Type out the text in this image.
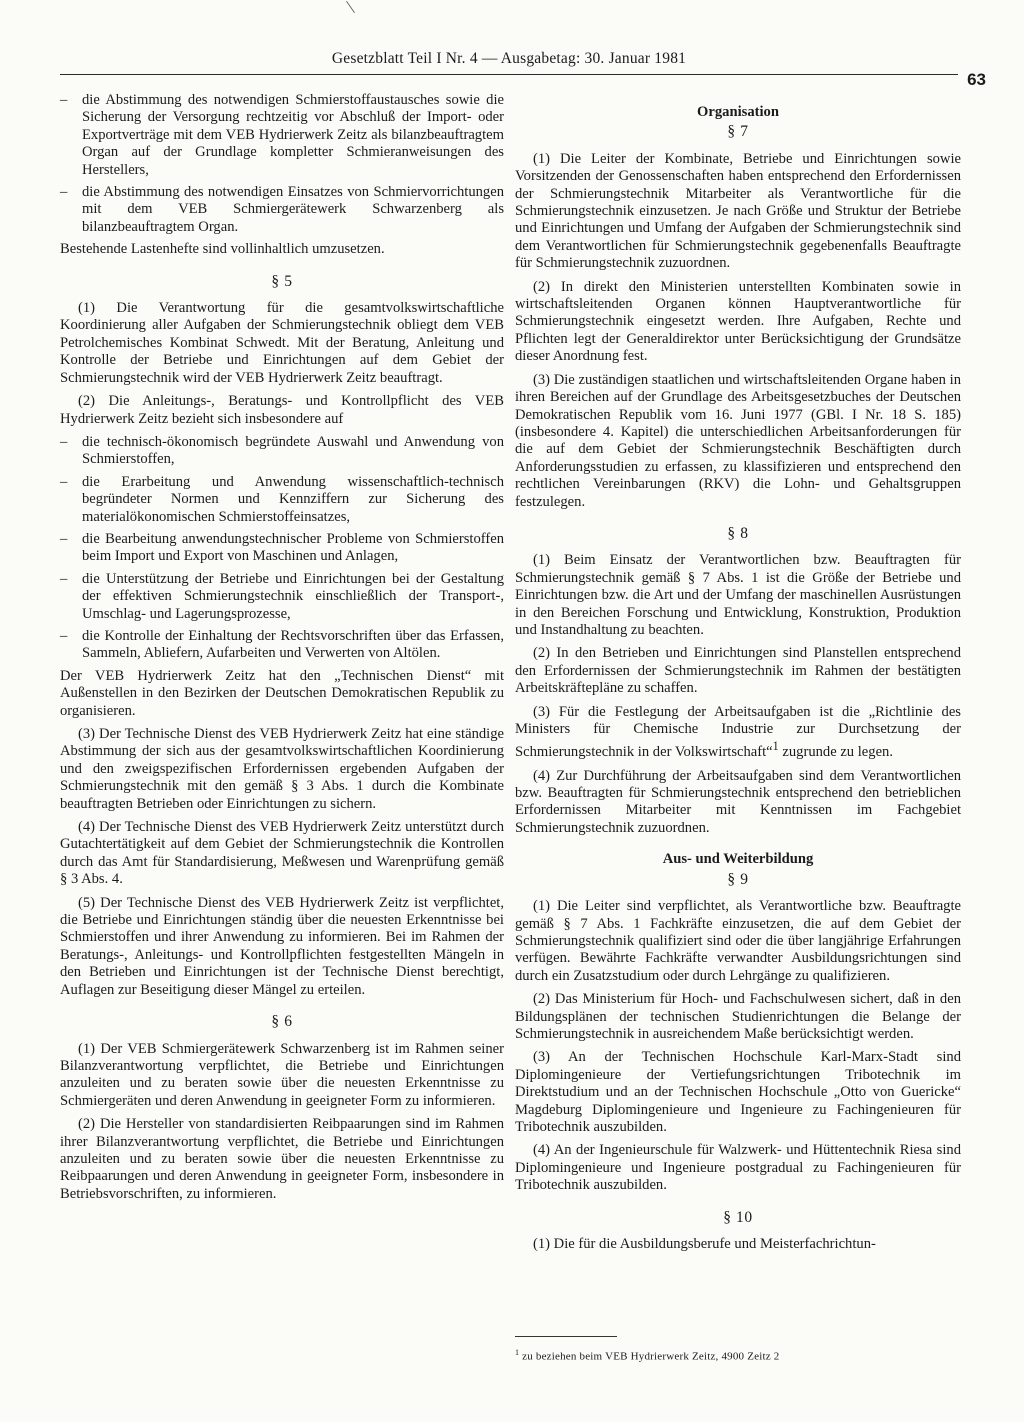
Gesetzblatt Teil I Nr. 4 — Ausgabetag: 30. Januar 1981
63
– die Abstimmung des notwendigen Schmierstoffaustausches sowie die Sicherung der Versorgung rechtzeitig vor Abschluß der Import- oder Exportverträge mit dem VEB Hydrierwerk Zeitz als bilanzbeauftragtem Organ auf der Grundlage kompletter Schmieranweisungen des Herstellers,
– die Abstimmung des notwendigen Einsatzes von Schmiervorrichtungen mit dem VEB Schmiergerätewerk Schwarzenberg als bilanzbeauftragtem Organ.

Bestehende Lastenhefte sind vollinhaltlich umzusetzen.

§ 5

(1) Die Verantwortung für die gesamtvolkswirtschaftliche Koordinierung aller Aufgaben der Schmierungstechnik obliegt dem VEB Petrolchemisches Kombinat Schwedt. Mit der Beratung, Anleitung und Kontrolle der Betriebe und Einrichtungen auf dem Gebiet der Schmierungstechnik wird der VEB Hydrierwerk Zeitz beauftragt.

(2) Die Anleitungs-, Beratungs- und Kontrollpflicht des VEB Hydrierwerk Zeitz bezieht sich insbesondere auf

– die technisch-ökonomisch begründete Auswahl und Anwendung von Schmierstoffen,
– die Erarbeitung und Anwendung wissenschaftlich-technisch begründeter Normen und Kennziffern zur Sicherung des materialökonomischen Schmierstoffeinsatzes,
– die Bearbeitung anwendungstechnischer Probleme von Schmierstoffen beim Import und Export von Maschinen und Anlagen,
– die Unterstützung der Betriebe und Einrichtungen bei der Gestaltung der effektiven Schmierungstechnik einschließlich der Transport-, Umschlag- und Lagerungsprozesse,
– die Kontrolle der Einhaltung der Rechtsvorschriften über das Erfassen, Sammeln, Abliefern, Aufarbeiten und Verwerten von Altölen.

Der VEB Hydrierwerk Zeitz hat den „Technischen Dienst“ mit Außenstellen in den Bezirken der Deutschen Demokratischen Republik zu organisieren.

(3) Der Technische Dienst des VEB Hydrierwerk Zeitz hat eine ständige Abstimmung der sich aus der gesamtvolkswirtschaftlichen Koordinierung und den zweigspezifischen Erfordernissen ergebenden Aufgaben der Schmierungstechnik mit den gemäß § 3 Abs. 1 durch die Kombinate beauftragten Betrieben oder Einrichtungen zu sichern.

(4) Der Technische Dienst des VEB Hydrierwerk Zeitz unterstützt durch Gutachtertätigkeit auf dem Gebiet der Schmierungstechnik die Kontrollen durch das Amt für Standardisierung, Meßwesen und Warenprüfung gemäß § 3 Abs. 4.

(5) Der Technische Dienst des VEB Hydrierwerk Zeitz ist verpflichtet, die Betriebe und Einrichtungen ständig über die neuesten Erkenntnisse bei Schmierstoffen und ihrer Anwendung zu informieren. Bei im Rahmen der Beratungs-, Anleitungs- und Kontrollpflichten festgestellten Mängeln in den Betrieben und Einrichtungen ist der Technische Dienst berechtigt, Auflagen zur Beseitigung dieser Mängel zu erteilen.

§ 6

(1) Der VEB Schmiergerätewerk Schwarzenberg ist im Rahmen seiner Bilanzverantwortung verpflichtet, die Betriebe und Einrichtungen anzuleiten und zu beraten sowie über die neuesten Erkenntnisse zu Schmiergeräten und deren Anwendung in geeigneter Form zu informieren.

(2) Die Hersteller von standardisierten Reibpaarungen sind im Rahmen ihrer Bilanzverantwortung verpflichtet, die Betriebe und Einrichtungen anzuleiten und zu beraten sowie über die neuesten Erkenntnisse zu Reibpaarungen und deren Anwendung in geeigneter Form, insbesondere in Betriebsvorschriften, zu informieren.

Organisation
§ 7

(1) Die Leiter der Kombinate, Betriebe und Einrichtungen sowie Vorsitzenden der Genossenschaften haben entsprechend den Erfordernissen der Schmierungstechnik Mitarbeiter als Verantwortliche für die Schmierungstechnik einzusetzen. Je nach Größe und Struktur der Betriebe und Einrichtungen und Umfang der Aufgaben der Schmierungstechnik sind dem Verantwortlichen für Schmierungstechnik gegebenenfalls Beauftragte für Schmierungstechnik zuzuordnen.

(2) In direkt den Ministerien unterstellten Kombinaten sowie in wirtschaftsleitenden Organen können Hauptverantwortliche für Schmierungstechnik eingesetzt werden. Ihre Aufgaben, Rechte und Pflichten legt der Generaldirektor unter Berücksichtigung der Grundsätze dieser Anordnung fest.

(3) Die zuständigen staatlichen und wirtschaftsleitenden Organe haben in ihren Bereichen auf der Grundlage des Arbeitsgesetzbuches der Deutschen Demokratischen Republik vom 16. Juni 1977 (GBl. I Nr. 18 S. 185) (insbesondere 4. Kapitel) die unterschiedlichen Arbeitsanforderungen für die auf dem Gebiet der Schmierungstechnik Beschäftigten durch Anforderungsstudien zu erfassen, zu klassifizieren und entsprechend den rechtlichen Vereinbarungen (RKV) die Lohn- und Gehaltsgruppen festzulegen.

§ 8

(1) Beim Einsatz der Verantwortlichen bzw. Beauftragten für Schmierungstechnik gemäß § 7 Abs. 1 ist die Größe der Betriebe und Einrichtungen bzw. die Art und der Umfang der maschinellen Ausrüstungen in den Bereichen Forschung und Entwicklung, Konstruktion, Produktion und Instandhaltung zu beachten.

(2) In den Betrieben und Einrichtungen sind Planstellen entsprechend den Erfordernissen der Schmierungstechnik im Rahmen der bestätigten Arbeitskräftepläne zu schaffen.

(3) Für die Festlegung der Arbeitsaufgaben ist die „Richtlinie des Ministers für Chemische Industrie zur Durchsetzung der Schmierungstechnik in der Volkswirtschaft“$^1$ zugrunde zu legen.

(4) Zur Durchführung der Arbeitsaufgaben sind dem Verantwortlichen bzw. Beauftragten für Schmierungstechnik entsprechend den betrieblichen Erfordernissen Mitarbeiter mit Kenntnissen im Fachgebiet Schmierungstechnik zuzuordnen.

Aus- und Weiterbildung
§ 9

(1) Die Leiter sind verpflichtet, als Verantwortliche bzw. Beauftragte gemäß § 7 Abs. 1 Fachkräfte einzusetzen, die auf dem Gebiet der Schmierungstechnik qualifiziert sind oder die über langjährige Erfahrungen verfügen. Bewährte Fachkräfte verwandter Ausbildungsrichtungen sind durch ein Zusatzstudium oder durch Lehrgänge zu qualifizieren.

(2) Das Ministerium für Hoch- und Fachschulwesen sichert, daß in den Bildungsplänen der technischen Studienrichtungen die Belange der Schmierungstechnik in ausreichendem Maße berücksichtigt werden.

(3) An der Technischen Hochschule Karl-Marx-Stadt sind Diplomingenieure der Vertiefungsrichtungen Tribotechnik im Direktstudium und an der Technischen Hochschule „Otto von Guericke“ Magdeburg Diplomingenieure und Ingenieure zu Fachingenieuren für Tribotechnik auszubilden.

(4) An der Ingenieurschule für Walzwerk- und Hüttentechnik Riesa sind Diplomingenieure und Ingenieure postgradual zu Fachingenieuren für Tribotechnik auszubilden.

§ 10

(1) Die für die Ausbildungsberufe und Meisterfachrichtun-

$^1$ zu beziehen beim VEB Hydrierwerk Zeitz, 4900 Zeitz 2
